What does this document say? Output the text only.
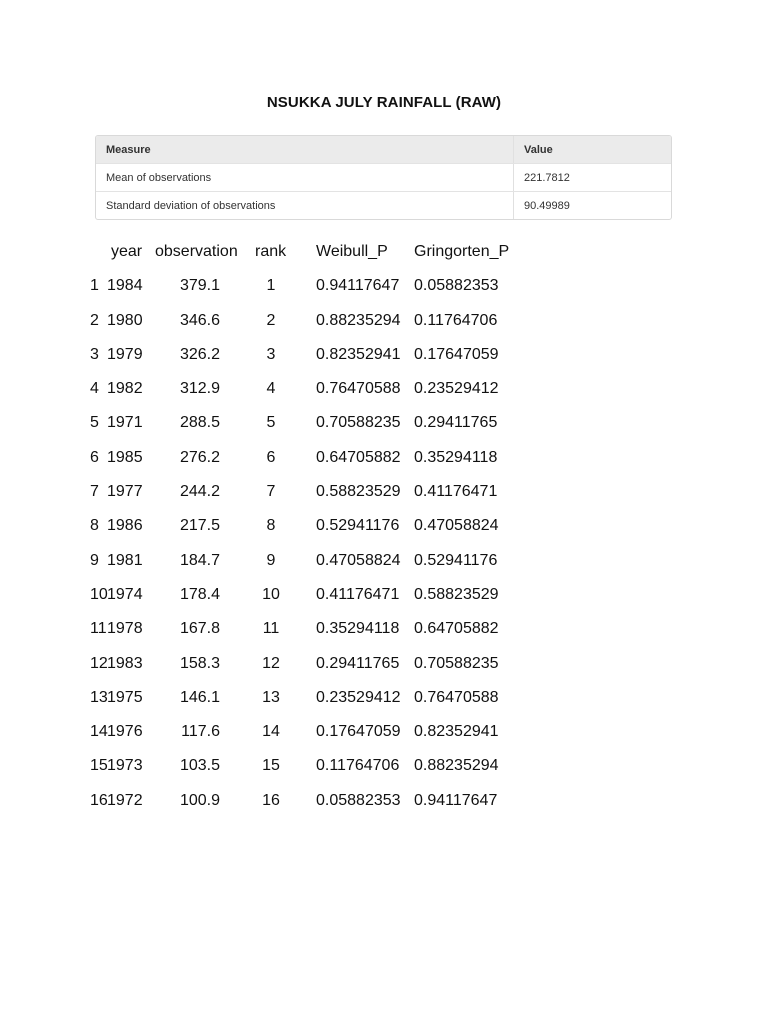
NSUKKA JULY RAINFALL (RAW)
Measure	Value
Mean of observations	221.7812
Standard deviation of observations	90.49989
year observation rank Weibull_P Gringorten_P
1 1984	379.1	1	0.94117647 0.05882353
2 1980	346.6	2	0.88235294 0.11764706
3 1979	326.2	3	0.82352941 0.17647059
4 1982	312.9	4	0.76470588 0.23529412
5 1971	288.5	5	0.70588235 0.29411765
6 1985	276.2	6	0.64705882 0.35294118
7 1977	244.2	7	0.58823529 0.41176471
8 1986	217.5	8	0.52941176 0.47058824
9 1981	184.7	9	0.47058824 0.52941176
10 1974	178.4	10	0.41176471 0.58823529
11 1978	167.8	11	0.35294118 0.64705882
12 1983	158.3	12	0.29411765 0.70588235
13 1975	146.1	13	0.23529412 0.76470588
14 1976	117.6	14	0.17647059 0.82352941
15 1973	103.5	15	0.11764706 0.88235294
16 1972	100.9	16	0.05882353 0.94117647
